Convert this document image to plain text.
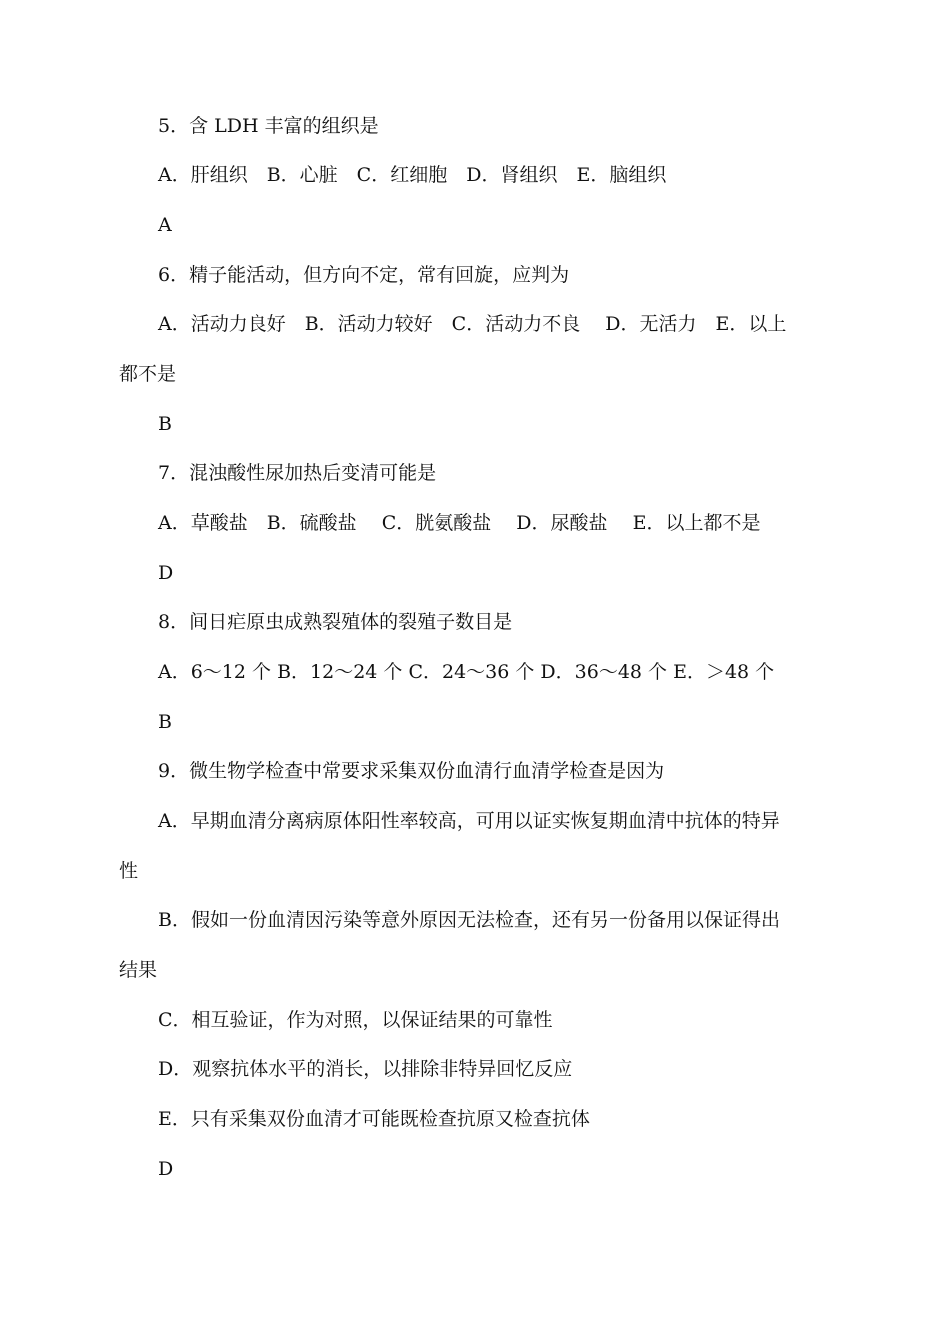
5．含 LDH 丰富的组织是

A．肝组织　B．心脏　C．红细胞　D．肾组织　E．脑组织

A

6．精子能活动，但方向不定，常有回旋，应判为

A．活动力良好　B．活动力较好　C．活动力不良　 D．无活力　E．以上

都不是

B

7．混浊酸性尿加热后变清可能是

A．草酸盐　B．硫酸盐　 C．胱氨酸盐　 D．尿酸盐　 E．以上都不是

D

8．间日疟原虫成熟裂殖体的裂殖子数目是

A．6～12 个 B．12～24 个 C．24～36 个 D．36～48 个 E．＞48 个

B

9．微生物学检查中常要求采集双份血清行血清学检查是因为

A．早期血清分离病原体阳性率较高，可用以证实恢复期血清中抗体的特异

性

B．假如一份血清因污染等意外原因无法检查，还有另一份备用以保证得出

结果

C．相互验证，作为对照，以保证结果的可靠性

D．观察抗体水平的消长，以排除非特异回忆反应

E．只有采集双份血清才可能既检查抗原又检查抗体

D
